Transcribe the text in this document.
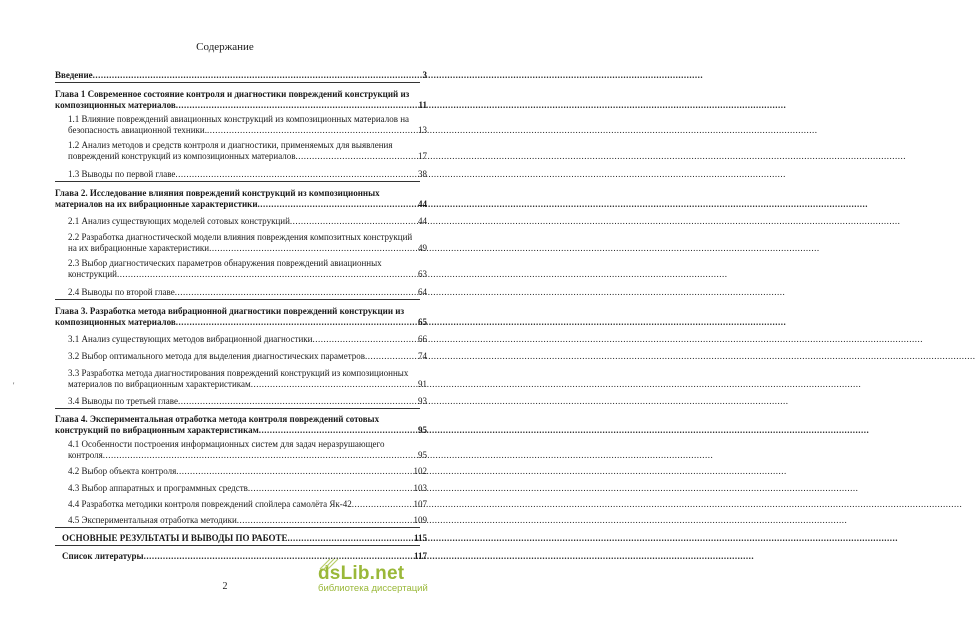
Содержание
Введение .....	3
Глава 1 Современное состояние контроля и диагностики повреждений конструкций из
композиционных материалов .....	11
1.1 Влияние повреждений авиационных конструкций из композиционных материалов на
безопасность авиационной техники. .....	13
1.2 Анализ методов и средств контроля и диагностики, применяемых для выявления
повреждений конструкций из композиционных материалов .....	17
1.3 Выводы по первой главе .....	38
Глава 2. Исследование влияния повреждений конструкций из композиционных
материалов на их вибрационные характеристики .....	44
2.1 Анализ существующих моделей сотовых конструкций .....	44
2.2 Разработка диагностической модели влияния повреждения композитных конструкций
на их вибрационные характеристики .....	49
2.3 Выбор диагностических параметров обнаружения повреждений авиационных
конструкций .....	63
2.4 Выводы по второй главе .....	64
Глава 3. Разработка метода вибрационной диагностики повреждений конструкции из
композиционных материалов .....	65
3.1 Анализ существующих методов вибрационной диагностики .....	66
3.2 Выбор оптимального метода для выделения диагностических параметров .....	74
3.3 Разработка метода диагностирования повреждений конструкций из композиционных
материалов по вибрационным характеристикам .....	91
3.4 Выводы по третьей главе .....	93
Глава 4. Экспериментальная отработка метода контроля повреждений сотовых
конструкций по вибрационным характеристикам .....	95
4.1 Особенности построения информационных систем для задач неразрушающего
контроля .....	95
4.2 Выбор объекта контроля .....	102
4.3 Выбор аппаратных и программных средств .....	103
4.4 Разработка методики контроля повреждений спойлера самолёта Як-42 .....	107
4.5 Экспериментальная отработка методики .....	109
ОСНОВНЫЕ РЕЗУЛЬТАТЫ И ВЫВОДЫ ПО РАБОТЕ .....	115
Список литературы .....	117
'
2
dsLib.net
библиотека диссертаций
